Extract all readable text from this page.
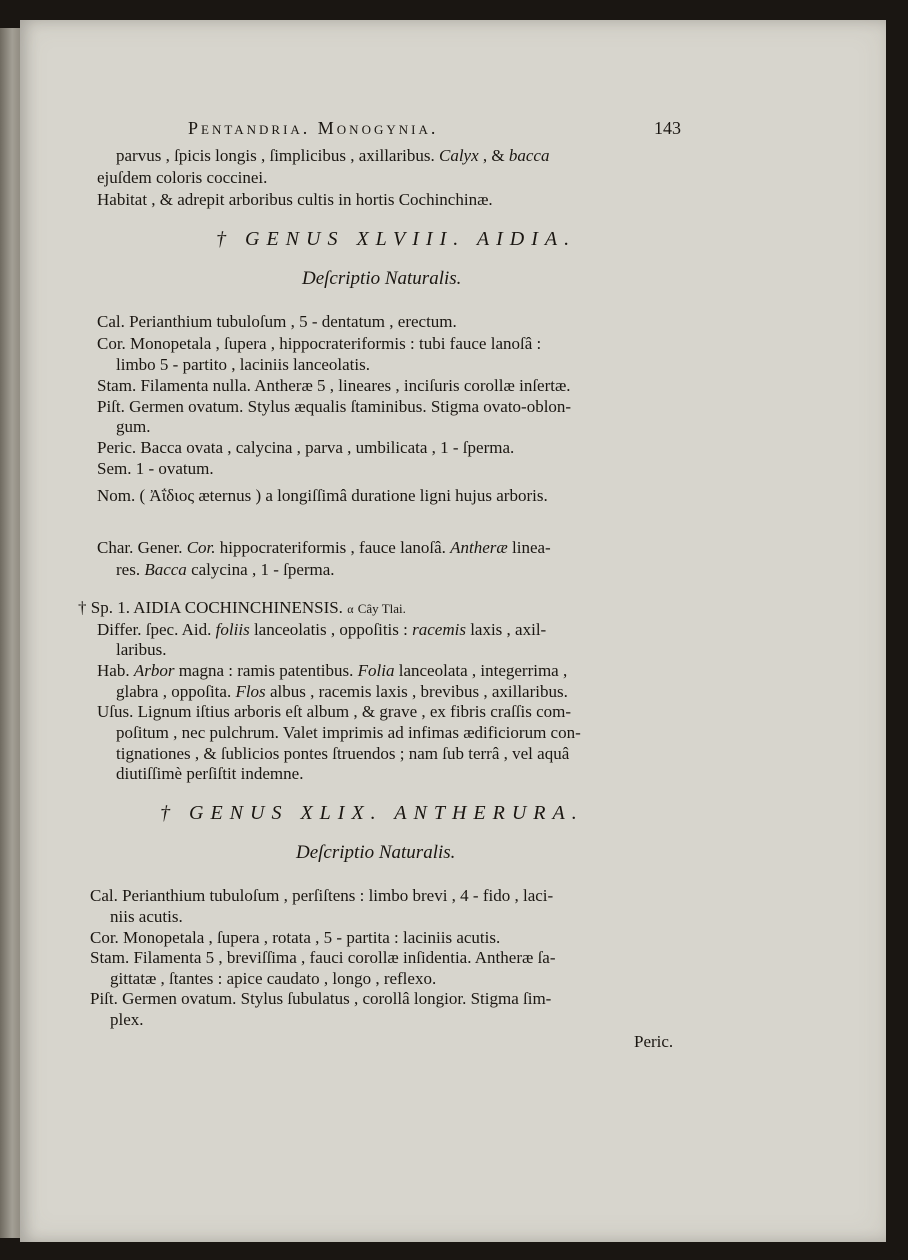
Pentandria. Monogynia.	143
parvus , ſpicis longis , ſimplicibus , axillaribus. Calyx , & bacca
ejuſdem coloris coccinei.
Habitat , & adrepit arboribus cultis in hortis Cochinchinæ.
† GENUS XLVIII. AIDIA.
Deſcriptio Naturalis.
Cal. Perianthium tubuloſum , 5 - dentatum , erectum.
Cor. Monopetala , ſupera , hippocrateriformis : tubi fauce lanoſâ :
limbo 5 - partito , laciniis lanceolatis.
Stam. Filamenta nulla. Antheræ 5 , lineares , inciſuris corollæ inſertæ.
Piſt. Germen ovatum. Stylus æqualis ſtaminibus. Stigma ovato-oblon-
gum.
Peric. Bacca ovata , calycina , parva , umbilicata , 1 - ſperma.
Sem. 1 - ovatum.
Nom. ( Ἀΐδιος æternus ) a longiſſimâ duratione ligni hujus arboris.
Char. Gener. Cor. hippocrateriformis , fauce lanoſâ. Antheræ linea-
res. Bacca calycina , 1 - ſperma.
† Sp. 1. AIDIA COCHINCHINENSIS. α Cây Tlai.
Differ. ſpec. Aid. foliis lanceolatis , oppoſitis : racemis laxis , axil-
laribus.
Hab. Arbor magna : ramis patentibus. Folia lanceolata , integerrima ,
glabra , oppoſita. Flos albus , racemis laxis , brevibus , axillaribus.
Uſus. Lignum iſtius arboris eſt album , & grave , ex fibris craſſis com-
poſitum , nec pulchrum. Valet imprimis ad infimas ædificiorum con-
tignationes , & ſublicios pontes ſtruendos ; nam ſub terrâ , vel aquâ
diutiſſimè perſiſtit indemne.
† GENUS XLIX. ANTHERURA.
Deſcriptio Naturalis.
Cal. Perianthium tubuloſum , perſiſtens : limbo brevi , 4 - fido , laci-
niis acutis.
Cor. Monopetala , ſupera , rotata , 5 - partita : laciniis acutis.
Stam. Filamenta 5 , breviſſima , fauci corollæ inſidentia. Antheræ ſa-
gittatæ , ſtantes : apice caudato , longo , reflexo.
Piſt. Germen ovatum. Stylus ſubulatus , corollâ longior. Stigma ſim-
plex.
Peric.
